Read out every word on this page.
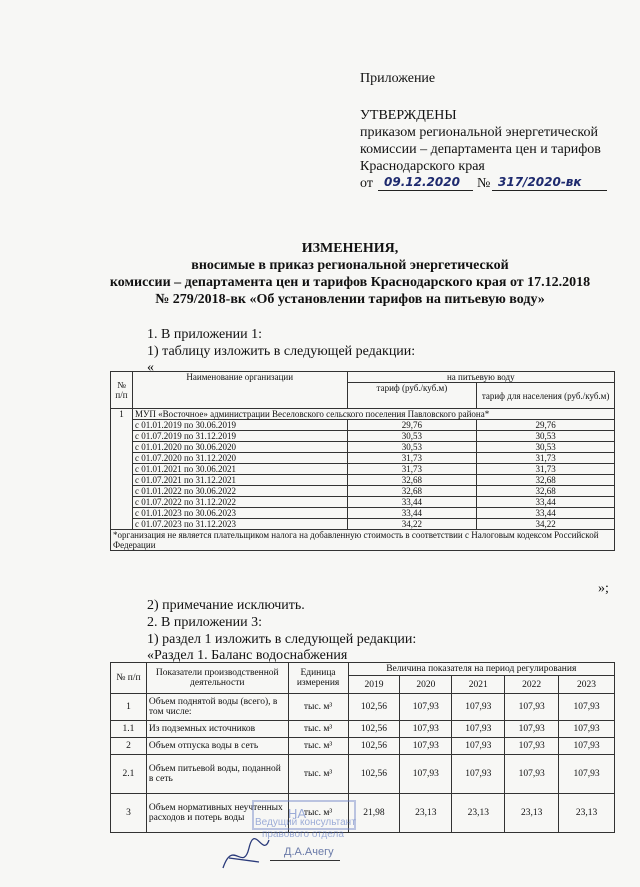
Приложение
УТВЕРЖДЕНЫ
приказом региональной энергетической
комиссии – департамента цен и тарифов
Краснодарского края
от 09.12.2020 № 317/2020-вк
ИЗМЕНЕНИЯ,
вносимые в приказ региональной энергетической
комиссии – департамента цен и тарифов Краснодарского края от 17.12.2018
№ 279/2018-вк «Об установлении тарифов на питьевую воду»
1. В приложении 1:
1) таблицу изложить в следующей редакции:
«
№ п/п	Наименование организации	на питьевую воду	
		тариф (руб./куб.м)	тариф для населения (руб./куб.м)
1	МУП «Восточное» администрации Веселовского сельского поселения Павловского района*		
	с 01.01.2019 по 30.06.2019	29,76	29,76
	с 01.07.2019 по 31.12.2019	30,53	30,53
	с 01.01.2020 по 30.06.2020	30,53	30,53
	с 01.07.2020 по 31.12.2020	31,73	31,73
	с 01.01.2021 по 30.06.2021	31,73	31,73
	с 01.07.2021 по 31.12.2021	32,68	32,68
	с 01.01.2022 по 30.06.2022	32,68	32,68
	с 01.07.2022 по 31.12.2022	33,44	33,44
	с 01.01.2023 по 30.06.2023	33,44	33,44
	с 01.07.2023 по 31.12.2023	34,22	34,22
*организация не является плательщиком налога на добавленную стоимость в соответствии с Налоговым кодексом Российской Федерации			
»;
2) примечание исключить.
2. В приложении 3:
1) раздел 1 изложить в следующей редакции:
«Раздел 1. Баланс водоснабжения
№ п/п	Показатели производственной деятельности	Единица измерения	Величина показателя на период регулирования				
			2019	2020	2021	2022	2023
1	Объем поднятой воды (всего), в том числе:	тыс. м³	102,56	107,93	107,93	107,93	107,93
1.1	Из подземных источников	тыс. м³	102,56	107,93	107,93	107,93	107,93
2	Объем отпуска воды в сеть	тыс. м³	102,56	107,93	107,93	107,93	107,93
2.1	Объем питьевой воды, поданной в сеть	тыс. м³	102,56	107,93	107,93	107,93	107,93
3	Объем нормативных неучтенных расходов и потерь воды	тыс. м³	21,98	23,13	23,13	23,13	23,13
НА
Ведущий консультант
правового отдела
Д.А.Ачегу
